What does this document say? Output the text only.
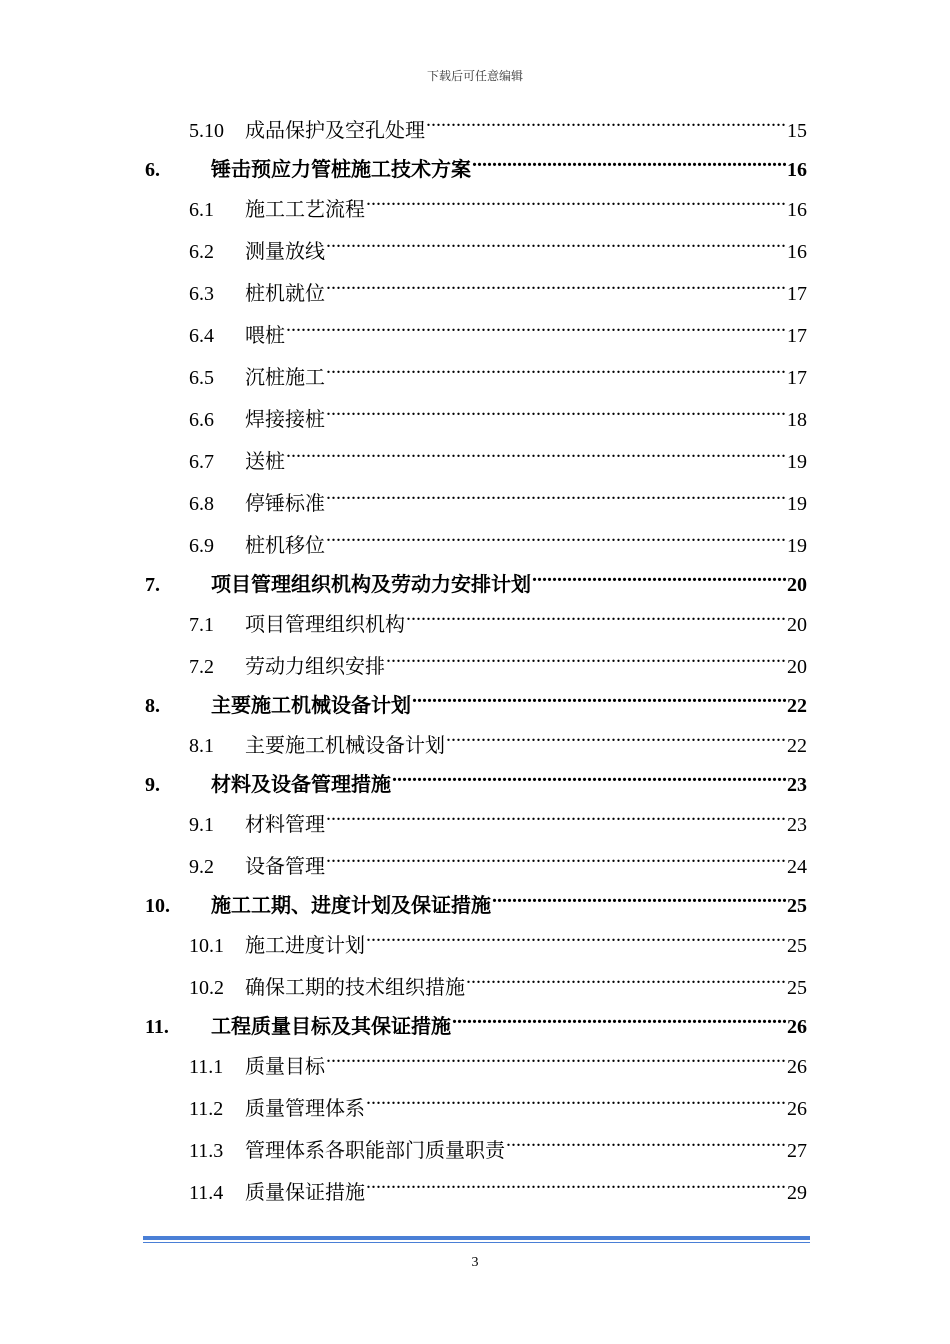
下载后可任意编辑
5.10	成品保护及空孔处理 .....	15
6.	锤击预应力管桩施工技术方案 .....	16
6.1	施工工艺流程 .....	16
6.2	测量放线 .....	16
6.3	桩机就位 .....	17
6.4	喂桩 .....	17
6.5	沉桩施工 .....	17
6.6	焊接接桩 .....	18
6.7	送桩 .....	19
6.8	停锤标准 .....	19
6.9	桩机移位 .....	19
7.	项目管理组织机构及劳动力安排计划 .....	20
7.1	项目管理组织机构 .....	20
7.2	劳动力组织安排 .....	20
8.	主要施工机械设备计划 .....	22
8.1	主要施工机械设备计划 .....	22
9.	材料及设备管理措施 .....	23
9.1	材料管理 .....	23
9.2	设备管理 .....	24
10.	施工工期、进度计划及保证措施 .....	25
10.1	施工进度计划 .....	25
10.2	确保工期的技术组织措施 .....	25
11.	工程质量目标及其保证措施 .....	26
11.1	质量目标 .....	26
11.2	质量管理体系 .....	26
11.3	管理体系各职能部门质量职责 .....	27
11.4	质量保证措施 .....	29
3
